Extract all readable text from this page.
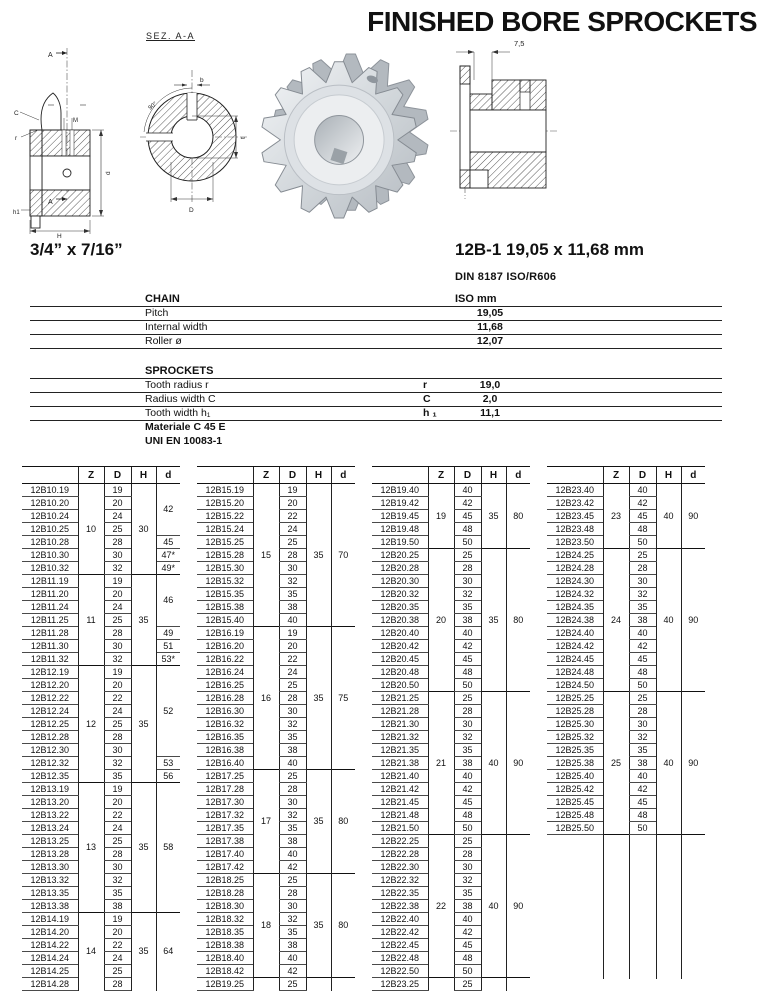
FINISHED BORE SPROCKETS
SEZ. A-A
A
C
r
M
d
A
h1
H
90°
b
t
D
7,5
3/4” x 7/16”	12B-1 19,05 x 11,68 mm
DIN 8187 ISO/R606
CHAIN	ISO mm
Pitch	19,05
Internal width	11,68
Roller ø	12,07
SPROCKETS
Tooth radius r	r	19,0
Radius width C	C	2,0
Tooth width h₁	h ₁	11,1
Materiale C 45 E
UNI EN 10083-1
	Z	D	H	d
12B10.19	10	19	30	42
12B10.20		20		
12B10.24		24		
12B10.25		25		
12B10.28		28		45
12B10.30		30		47*
12B10.32		32		49*
12B11.19	11	19	35	46
12B11.20		20		
12B11.24		24		
12B11.25		25		
12B11.28		28		49
12B11.30		30		51
12B11.32		32		53*
12B12.19	12	19	35	52
12B12.20		20		
12B12.22		22		
12B12.24		24		
12B12.25		25		
12B12.28		28		
12B12.30		30		
12B12.32		32		53
12B12.35		35		56
12B13.19	13	19	35	58
12B13.20		20		
12B13.22		22		
12B13.24		24		
12B13.25		25		
12B13.28		28		
12B13.30		30		
12B13.32		32		
12B13.35		35		
12B13.38		38		
12B14.19	14	19	35	64
12B14.20		20		
12B14.22		22		
12B14.24		24		
12B14.25		25		
12B14.28		28		
	Z	D	H	d
12B15.19	15	19	35	70
12B15.20		20		
12B15.22		22		
12B15.24		24		
12B15.25		25		
12B15.28		28		
12B15.30		30		
12B15.32		32		
12B15.35		35		
12B15.38		38		
12B15.40		40		
12B16.19	16	19	35	75
12B16.20		20		
12B16.22		22		
12B16.24		24		
12B16.25		25		
12B16.28		28		
12B16.30		30		
12B16.32		32		
12B16.35		35		
12B16.38		38		
12B16.40		40		
12B17.25	17	25	35	80
12B17.28		28		
12B17.30		30		
12B17.32		32		
12B17.35		35		
12B17.38		38		
12B17.40		40		
12B17.42		42		
12B18.25	18	25	35	80
12B18.28		28		
12B18.30		30		
12B18.32		32		
12B18.35		35		
12B18.38		38		
12B18.40		40		
12B18.42		42		
12B19.25		25		
	Z	D	H	d
12B19.40	19	40	35	80
12B19.42		42		
12B19.45		45		
12B19.48		48		
12B19.50		50		
12B20.25	20	25	35	80
12B20.28		28		
12B20.30		30		
12B20.32		32		
12B20.35		35		
12B20.38		38		
12B20.40		40		
12B20.42		42		
12B20.45		45		
12B20.48		48		
12B20.50		50		
12B21.25	21	25	40	90
12B21.28		28		
12B21.30		30		
12B21.32		32		
12B21.35		35		
12B21.38		38		
12B21.40		40		
12B21.42		42		
12B21.45		45		
12B21.48		48		
12B21.50		50		
12B22.25	22	25	40	90
12B22.28		28		
12B22.30		30		
12B22.32		32		
12B22.35		35		
12B22.38		38		
12B22.40		40		
12B22.42		42		
12B22.45		45		
12B22.48		48		
12B22.50		50		
12B23.25		25		
	Z	D	H	d
12B23.40	23	40	40	90
12B23.42		42		
12B23.45		45		
12B23.48		48		
12B23.50		50		
12B24.25	24	25	40	90
12B24.28		28		
12B24.30		30		
12B24.32		32		
12B24.35		35		
12B24.38		38		
12B24.40		40		
12B24.42		42		
12B24.45		45		
12B24.48		48		
12B24.50		50		
12B25.25	25	25	40	90
12B25.28		28		
12B25.30		30		
12B25.32		32		
12B25.35		35		
12B25.38		38		
12B25.40		40		
12B25.42		42		
12B25.45		45		
12B25.48		48		
12B25.50		50		
